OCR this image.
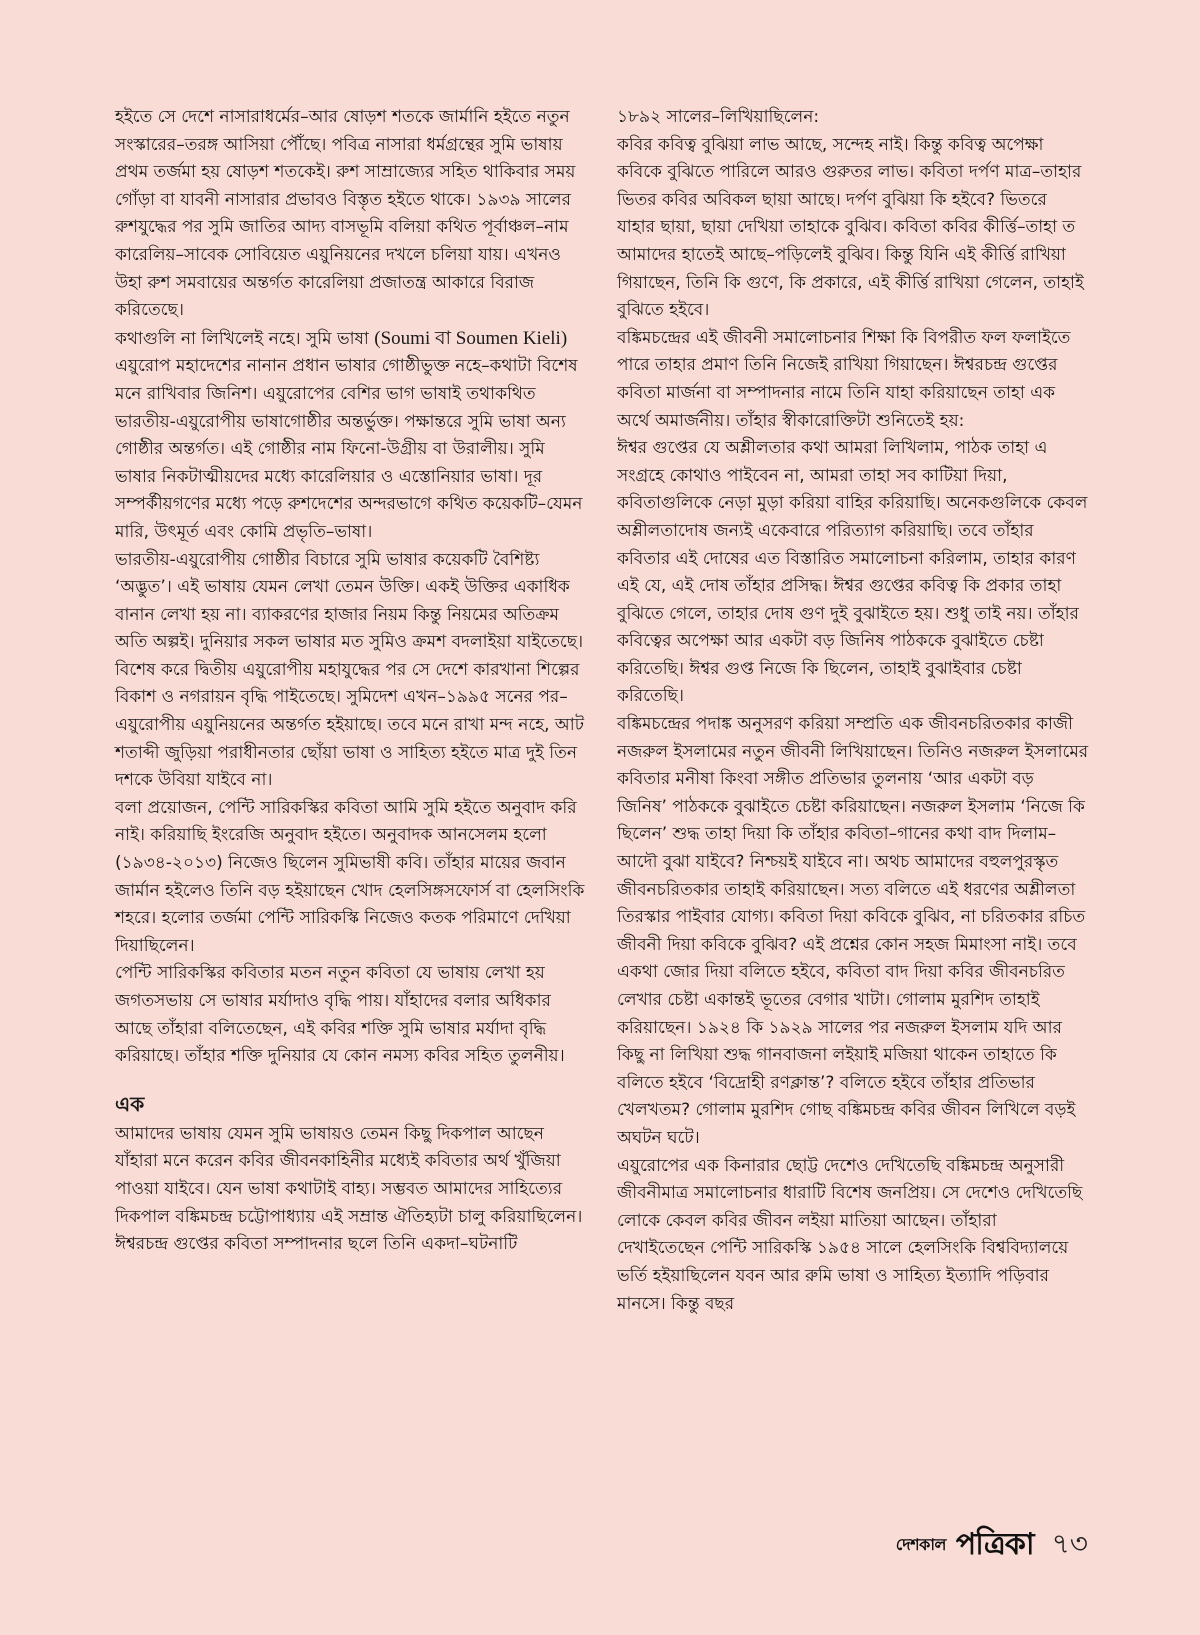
হইতে সে দেশে নাসারাধর্মের–আর ষোড়শ শতকে জার্মানি হইতে নতুন সংস্কারের–তরঙ্গ আসিয়া পৌঁছে। পবিত্র নাসারা ধর্মগ্রন্থের সুমি ভাষায় প্রথম তর্জমা হয় ষোড়শ শতকেই। রুশ সাম্রাজ্যের সহিত থাকিবার সময় গোঁড়া বা যাবনী নাসারার প্রভাবও বিস্তৃত হইতে থাকে। ১৯৩৯ সালের রুশযুদ্ধের পর সুমি জাতির আদ্য বাসভূমি বলিয়া কথিত পূর্বাঞ্চল–নাম কারেলিয়–সাবেক সোবিয়েত এয়ুনিয়নের দখলে চলিয়া যায়। এখনও উহা রুশ সমবায়ের অন্তর্গত কারেলিয়া প্রজাতন্ত্র আকারে বিরাজ করিতেছে।

কথাগুলি না লিখিলেই নহে। সুমি ভাষা (Soumi বা Soumen Kieli) এয়ুরোপ মহাদেশের নানান প্রধান ভাষার গোষ্ঠীভুক্ত নহে–কথাটা বিশেষ মনে রাখিবার জিনিশ। এয়ুরোপের বেশির ভাগ ভাষাই তথাকথিত ভারতীয়-এয়ুরোপীয় ভাষাগোষ্ঠীর অন্তর্ভুক্ত। পক্ষান্তরে সুমি ভাষা অন্য গোষ্ঠীর অন্তর্গত। এই গোষ্ঠীর নাম ফিনো-উগ্রীয় বা উরালীয়। সুমি ভাষার নিকটাত্মীয়দের মধ্যে কারেলিয়ার ও এস্তোনিয়ার ভাষা। দূর সম্পর্কীয়গণের মধ্যে পড়ে রুশদেশের অন্দরভাগে কথিত কয়েকটি–যেমন মারি, উৎমূর্ত এবং কোমি প্রভৃতি–ভাষা।

ভারতীয়-এয়ুরোপীয় গোষ্ঠীর বিচারে সুমি ভাষার কয়েকটি বৈশিষ্ট্য ‘অদ্ভুত’। এই ভাষায় যেমন লেখা তেমন উক্তি। একই উক্তির একাধিক বানান লেখা হয় না। ব্যাকরণের হাজার নিয়ম কিন্তু নিয়মের অতিক্রম অতি অল্পই। দুনিয়ার সকল ভাষার মত সুমিও ক্রমশ বদলাইয়া যাইতেছে। বিশেষ করে দ্বিতীয় এয়ুরোপীয় মহাযুদ্ধের পর সে দেশে কারখানা শিল্পের বিকাশ ও নগরায়ন বৃদ্ধি পাইতেছে। সুমিদেশ এখন–১৯৯৫ সনের পর–এয়ুরোপীয় এয়ুনিয়নের অন্তর্গত হইয়াছে। তবে মনে রাখা মন্দ নহে, আট শতাব্দী জুড়িয়া পরাধীনতার ছোঁয়া ভাষা ও সাহিত্য হইতে মাত্র দুই তিন দশকে উবিয়া যাইবে না।

বলা প্রয়োজন, পেন্টি সারিকস্কির কবিতা আমি সুমি হইতে অনুবাদ করি নাই। করিয়াছি ইংরেজি অনুবাদ হইতে। অনুবাদক আনসেলম হলো (১৯৩৪-২০১৩) নিজেও ছিলেন সুমিভাষী কবি। তাঁহার মায়ের জবান জার্মান হইলেও তিনি বড় হইয়াছেন খোদ হেলসিঙ্গসফোর্স বা হেলসিংকি শহরে। হলোর তর্জমা পেন্টি সারিকস্কি নিজেও কতক পরিমাণে দেখিয়া দিয়াছিলেন।

পেন্টি সারিকস্কির কবিতার মতন নতুন কবিতা যে ভাষায় লেখা হয় জগতসভায় সে ভাষার মর্যাদাও বৃদ্ধি পায়। যাঁহাদের বলার অধিকার আছে তাঁহারা বলিতেছেন, এই কবির শক্তি সুমি ভাষার মর্যাদা বৃদ্ধি করিয়াছে। তাঁহার শক্তি দুনিয়ার যে কোন নমস্য কবির সহিত তুলনীয়।

এক

আমাদের ভাষায় যেমন সুমি ভাষায়ও তেমন কিছু দিকপাল আছেন যাঁহারা মনে করেন কবির জীবনকাহিনীর মধ্যেই কবিতার অর্থ খুঁজিয়া পাওয়া যাইবে। যেন ভাষা কথাটাই বাহ্য। সম্ভবত আমাদের সাহিত্যের দিকপাল বঙ্কিমচন্দ্র চট্টোপাধ্যায় এই সম্রান্ত ঐতিহ্যটা চালু করিয়াছিলেন। ঈশ্বরচন্দ্র গুপ্তের কবিতা সম্পাদনার ছলে তিনি একদা–ঘটনাটি

১৮৯২ সালের–লিখিয়াছিলেন:

কবির কবিত্ব বুঝিয়া লাভ আছে, সন্দেহ নাই। কিন্তু কবিত্ব অপেক্ষা কবিকে বুঝিতে পারিলে আরও গুরুতর লাভ। কবিতা দর্পণ মাত্র–তাহার ভিতর কবির অবিকল ছায়া আছে। দর্পণ বুঝিয়া কি হইবে? ভিতরে যাহার ছায়া, ছায়া দেখিয়া তাহাকে বুঝিব। কবিতা কবির কীর্ত্তি–তাহা ত আমাদের হাতেই আছে–পড়িলেই বুঝিব। কিন্তু যিনি এই কীর্ত্তি রাখিয়া গিয়াছেন, তিনি কি গুণে, কি প্রকারে, এই কীর্ত্তি রাখিয়া গেলেন, তাহাই বুঝিতে হইবে।

বঙ্কিমচন্দ্রের এই জীবনী সমালোচনার শিক্ষা কি বিপরীত ফল ফলাইতে পারে তাহার প্রমাণ তিনি নিজেই রাখিয়া গিয়াছেন। ঈশ্বরচন্দ্র গুপ্তের কবিতা মার্জনা বা সম্পাদনার নামে তিনি যাহা করিয়াছেন তাহা এক অর্থে অমার্জনীয়। তাঁহার স্বীকারোক্তিটা শুনিতেই হয়:

ঈশ্বর গুপ্তের যে অশ্লীলতার কথা আমরা লিখিলাম, পাঠক তাহা এ সংগ্রহে কোথাও পাইবেন না, আমরা তাহা সব কাটিয়া দিয়া, কবিতাগুলিকে নেড়া মুড়া করিয়া বাহির করিয়াছি। অনেকগুলিকে কেবল অশ্লীলতাদোষ জন্যই একেবারে পরিত্যাগ করিয়াছি। তবে তাঁহার কবিতার এই দোষের এত বিস্তারিত সমালোচনা করিলাম, তাহার কারণ এই যে, এই দোষ তাঁহার প্রসিদ্ধ। ঈশ্বর গুপ্তের কবিত্ব কি প্রকার তাহা বুঝিতে গেলে, তাহার দোষ গুণ দুই বুঝাইতে হয়। শুধু তাই নয়। তাঁহার কবিত্বের অপেক্ষা আর একটা বড় জিনিষ পাঠককে বুঝাইতে চেষ্টা করিতেছি। ঈশ্বর গুপ্ত নিজে কি ছিলেন, তাহাই বুঝাইবার চেষ্টা করিতেছি।

বঙ্কিমচন্দ্রের পদাঙ্ক অনুসরণ করিয়া সম্প্রতি এক জীবনচরিতকার কাজী নজরুল ইসলামের নতুন জীবনী লিখিয়াছেন। তিনিও নজরুল ইসলামের কবিতার মনীষা কিংবা সঙ্গীত প্রতিভার তুলনায় ‘আর একটা বড় জিনিষ’ পাঠককে বুঝাইতে চেষ্টা করিয়াছেন। নজরুল ইসলাম ‘নিজে কি ছিলেন’ শুদ্ধ তাহা দিয়া কি তাঁহার কবিতা–গানের কথা বাদ দিলাম–আদৌ বুঝা যাইবে? নিশ্চয়ই যাইবে না। অথচ আমাদের বহুলপুরস্কৃত জীবনচরিতকার তাহাই করিয়াছেন। সত্য বলিতে এই ধরণের অশ্লীলতা তিরস্কার পাইবার যোগ্য। কবিতা দিয়া কবিকে বুঝিব, না চরিতকার রচিত জীবনী দিয়া কবিকে বুঝিব? এই প্রশ্নের কোন সহজ মিমাংসা নাই। তবে একথা জোর দিয়া বলিতে হইবে, কবিতা বাদ দিয়া কবির জীবনচরিত লেখার চেষ্টা একান্তই ভূতের বেগার খাটা। গোলাম মুরশিদ তাহাই করিয়াছেন। ১৯২৪ কি ১৯২৯ সালের পর নজরুল ইসলাম যদি আর কিছু না লিখিয়া শুদ্ধ গানবাজনা লইয়াই মজিয়া থাকেন তাহাতে কি বলিতে হইবে ‘বিদ্রোহী রণক্লান্ত’? বলিতে হইবে তাঁহার প্রতিভার খেলখতম? গোলাম মুরশিদ গোছ বঙ্কিমচন্দ্র কবির জীবন লিখিলে বড়ই অঘটন ঘটে।

এয়ুরোপের এক কিনারার ছোট্ট দেশেও দেখিতেছি বঙ্কিমচন্দ্র অনুসারী জীবনীমাত্র সমালোচনার ধারাটি বিশেষ জনপ্রিয়। সে দেশেও দেখিতেছি লোকে কেবল কবির জীবন লইয়া মাতিয়া আছেন। তাঁহারা দেখাইতেছেন পেন্টি সারিকস্কি ১৯৫৪ সালে হেলসিংকি বিশ্ববিদ্যালয়ে ভর্তি হইয়াছিলেন যবন আর রুমি ভাষা ও সাহিত্য ইত্যাদি পড়িবার মানসে। কিন্তু বছর

দেশকাল পত্রিকা ৭৩
